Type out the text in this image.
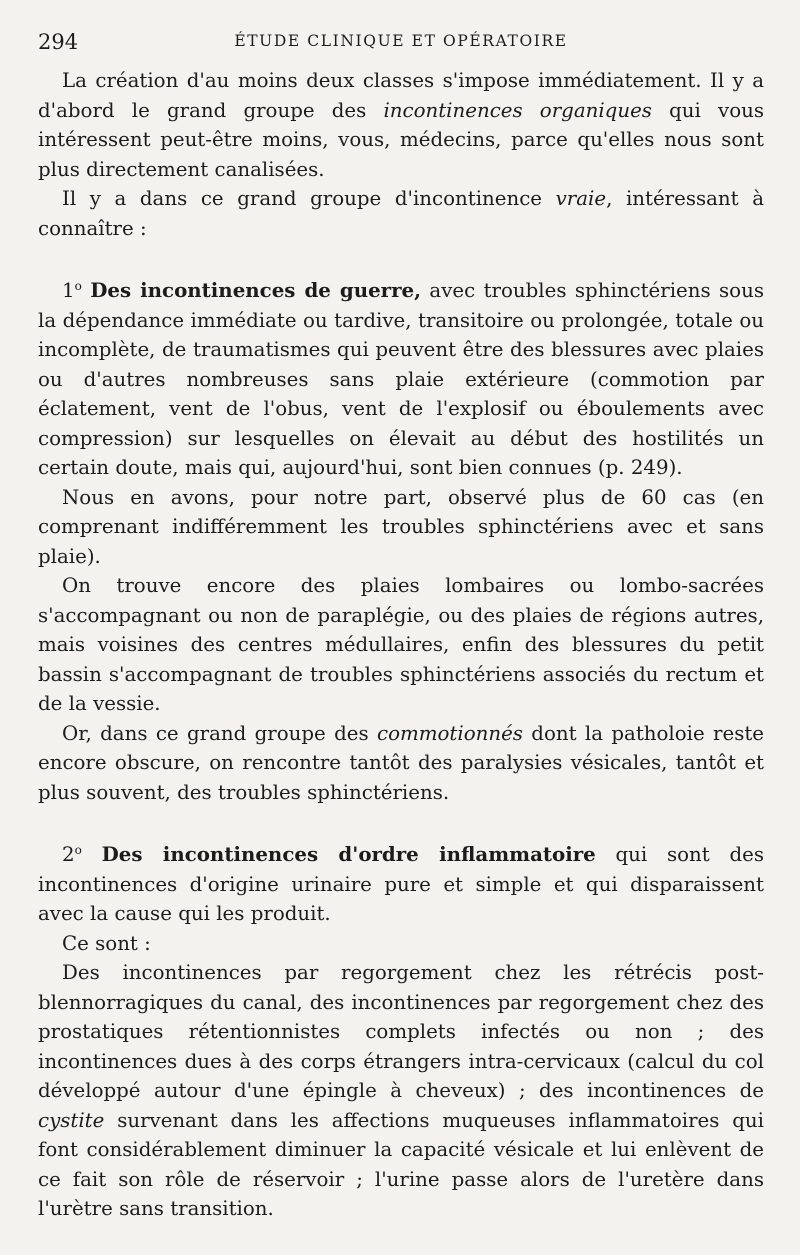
294	ÉTUDE CLINIQUE ET OPÉRATOIRE

La création d'au moins deux classes s'impose immédiatement. Il y a d'abord le grand groupe des incontinences organiques qui vous intéressent peut-être moins, vous, médecins, parce qu'elles nous sont plus directement canalisées.

Il y a dans ce grand groupe d'incontinence vraie, intéressant à connaître :

1$^o$ Des incontinences de guerre, avec troubles sphinctériens sous la dépendance immédiate ou tardive, transitoire ou prolongée, totale ou incomplète, de traumatismes qui peuvent être des blessures avec plaies ou d'autres nombreuses sans plaie extérieure (commotion par éclatement, vent de l'obus, vent de l'explosif ou éboulements avec compression) sur lesquelles on élevait au début des hostilités un certain doute, mais qui, aujourd'hui, sont bien connues (p. 249).

Nous en avons, pour notre part, observé plus de 60 cas (en comprenant indifféremment les troubles sphinctériens avec et sans plaie).

On trouve encore des plaies lombaires ou lombo-sacrées s'accompagnant ou non de paraplégie, ou des plaies de régions autres, mais voisines des centres médullaires, enfin des blessures du petit bassin s'accompagnant de troubles sphinctériens associés du rectum et de la vessie.

Or, dans ce grand groupe des commotionnés dont la patholoie reste encore obscure, on rencontre tantôt des paralysies vésicales, tantôt et plus souvent, des troubles sphinctériens.

2$^o$ Des incontinences d'ordre inflammatoire qui sont des incontinences d'origine urinaire pure et simple et qui disparaissent avec la cause qui les produit.

Ce sont :

Des incontinences par regorgement chez les rétrécis post-blennorragiques du canal, des incontinences par regorgement chez des prostatiques rétentionnistes complets infectés ou non ; des incontinences dues à des corps étrangers intra-cervicaux (calcul du col développé autour d'une épingle à cheveux) ; des incontinences de cystite survenant dans les affections muqueuses inflammatoires qui font considérablement diminuer la capacité vésicale et lui enlèvent de ce fait son rôle de réservoir ; l'urine passe alors de l'uretère dans l'urètre sans transition.
